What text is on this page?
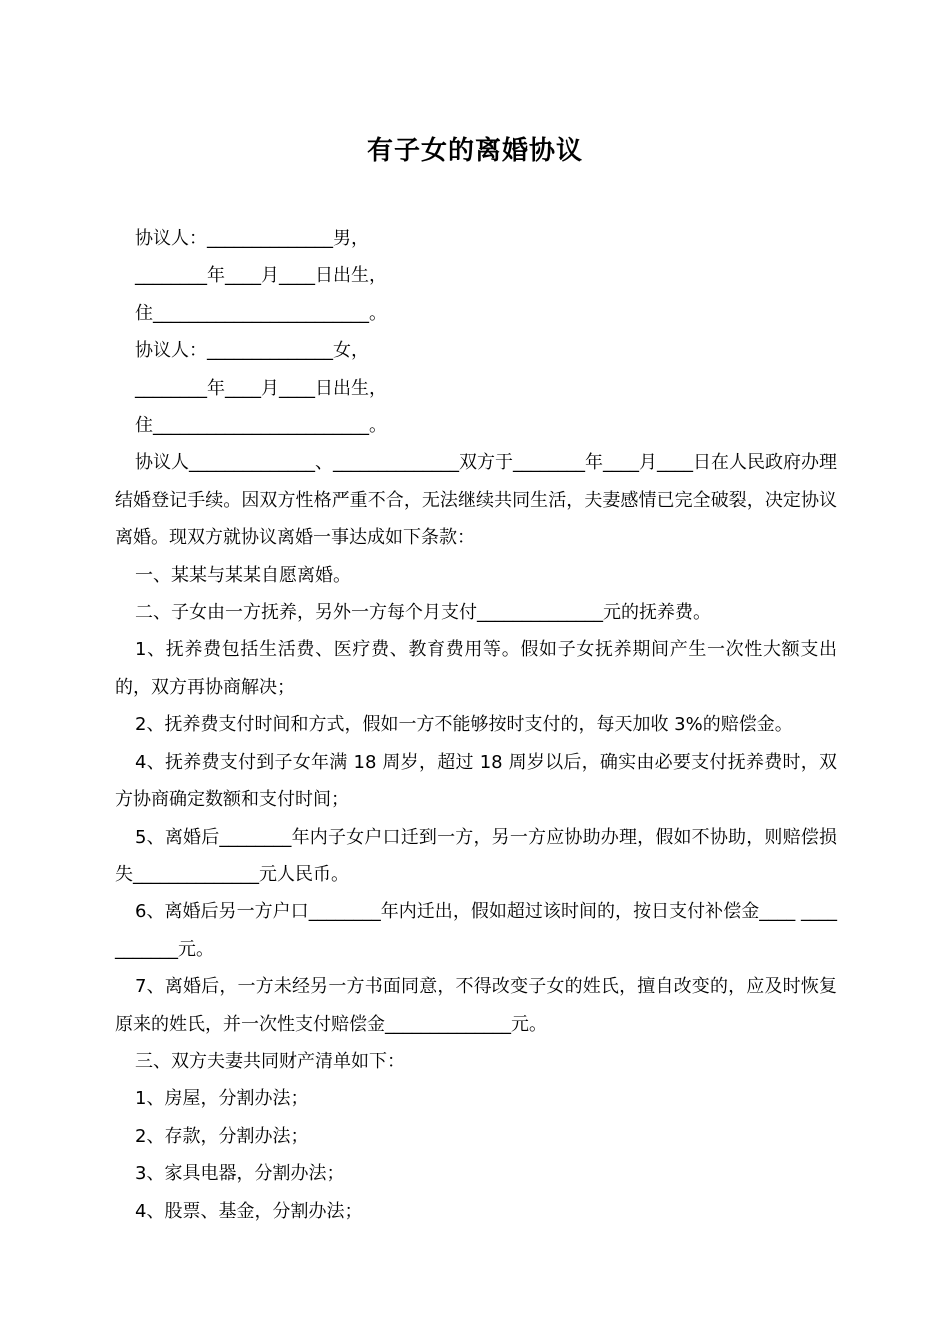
有子女的离婚协议

协议人：______________男，

________年____月____日出生，

住________________________。

协议人：______________女，

________年____月____日出生，

住________________________。

协议人______________、______________双方于________年____月____日在人民政府办理结婚登记手续。因双方性格严重不合，无法继续共同生活，夫妻感情已完全破裂，决定协议离婚。现双方就协议离婚一事达成如下条款：

一、某某与某某自愿离婚。

二、子女由一方抚养，另外一方每个月支付______________元的抚养费。

1、抚养费包括生活费、医疗费、教育费用等。假如子女抚养期间产生一次性大额支出的，双方再协商解决；

2、抚养费支付时间和方式，假如一方不能够按时支付的，每天加收 3%的赔偿金。

4、抚养费支付到子女年满 18 周岁，超过 18 周岁以后，确实由必要支付抚养费时，双方协商确定数额和支付时间；

5、离婚后________年内子女户口迁到一方，另一方应协助办理，假如不协助，则赔偿损失______________元人民币。

6、离婚后另一方户口________年内迁出，假如超过该时间的，按日支付补偿金____ ___________元。

7、离婚后，一方未经另一方书面同意，不得改变子女的姓氏，擅自改变的，应及时恢复原来的姓氏，并一次性支付赔偿金______________元。

三、双方夫妻共同财产清单如下：

1、房屋，分割办法；

2、存款，分割办法；

3、家具电器，分割办法；

4、股票、基金，分割办法；
